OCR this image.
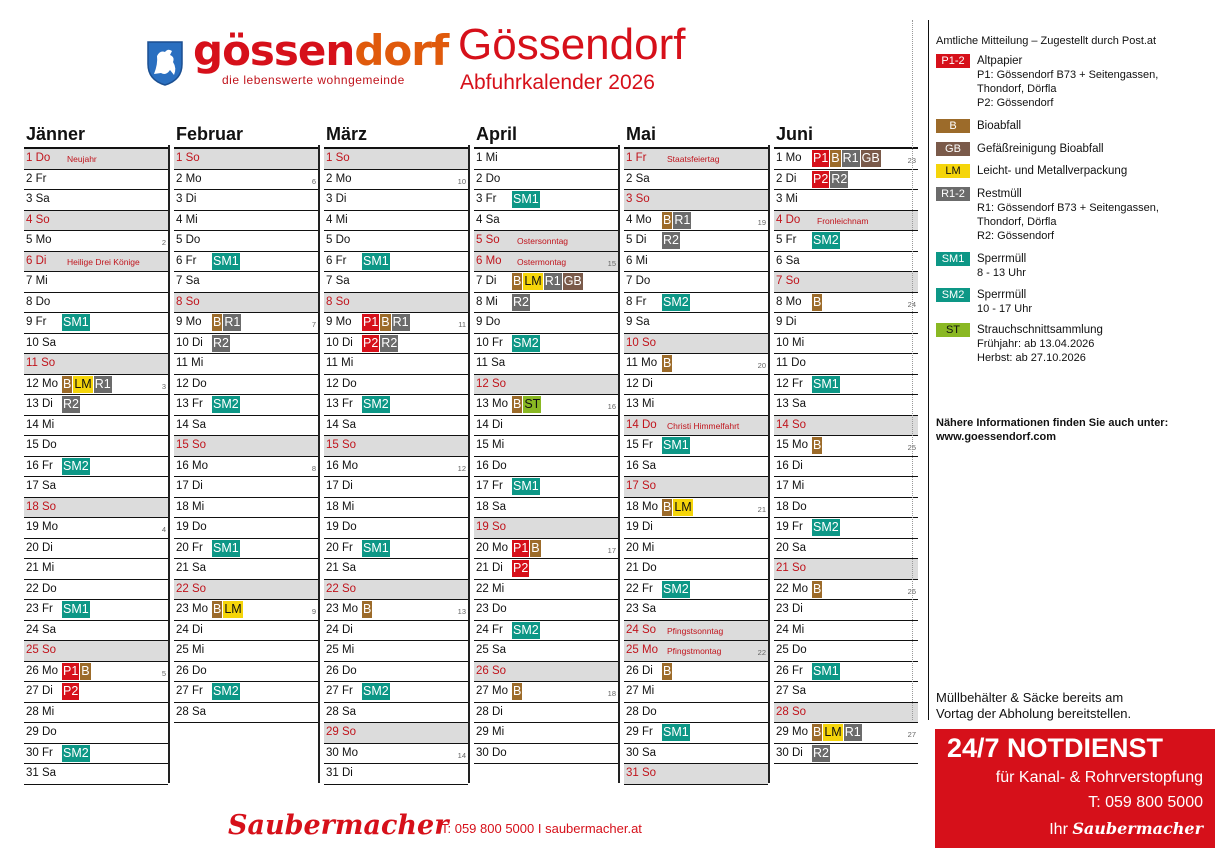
gössendorf
die lebenswerte wohngemeinde
Gössendorf
Abfuhrkalender 2026
Jänner
1 Do Neujahr
2 Fr
3 Sa
4 So
5 Mo	2
6 Di Heilige Drei Könige
7 Mi
8 Do
9 Fr SM1
10 Sa
11 So
12 Mo B LM R1	3
13 Di R2
14 Mi
15 Do
16 Fr SM2
17 Sa
18 So
19 Mo	4
20 Di
21 Mi
22 Do
23 Fr SM1
24 Sa
25 So
26 Mo P1 B	5
27 Di P2
28 Mi
29 Do
30 Fr SM2
31 Sa
Februar
1 So
2 Mo	6
3 Di
4 Mi
5 Do
6 Fr SM1
7 Sa
8 So
9 Mo B R1	7
10 Di R2
11 Mi
12 Do
13 Fr SM2
14 Sa
15 So
16 Mo	8
17 Di
18 Mi
19 Do
20 Fr SM1
21 Sa
22 So
23 Mo B LM	9
24 Di
25 Mi
26 Do
27 Fr SM2
28 Sa
März
1 So
2 Mo	10
3 Di
4 Mi
5 Do
6 Fr SM1
7 Sa
8 So
9 Mo P1 B R1	11
10 Di P2 R2
11 Mi
12 Do
13 Fr SM2
14 Sa
15 So
16 Mo	12
17 Di
18 Mi
19 Do
20 Fr SM1
21 Sa
22 So
23 Mo B	13
24 Di
25 Mi
26 Do
27 Fr SM2
28 Sa
29 So
30 Mo	14
31 Di
April
1 Mi
2 Do
3 Fr SM1
4 Sa
5 So Ostersonntag
6 Mo Ostermontag	15
7 Di B LM R1 GB
8 Mi R2
9 Do
10 Fr SM2
11 Sa
12 So
13 Mo B ST	16
14 Di
15 Mi
16 Do
17 Fr SM1
18 Sa
19 So
20 Mo P1 B	17
21 Di P2
22 Mi
23 Do
24 Fr SM2
25 Sa
26 So
27 Mo B	18
28 Di
29 Mi
30 Do
Mai
1 Fr Staatsfeiertag
2 Sa
3 So
4 Mo B R1	19
5 Di R2
6 Mi
7 Do
8 Fr SM2
9 Sa
10 So
11 Mo B	20
12 Di
13 Mi
14 Do Christi Himmelfahrt
15 Fr SM1
16 Sa
17 So
18 Mo B LM	21
19 Di
20 Mi
21 Do
22 Fr SM2
23 Sa
24 So Pfingstsonntag
25 Mo Pfingstmontag	22
26 Di B
27 Mi
28 Do
29 Fr SM1
30 Sa
31 So
Juni
1 Mo P1 B R1 GB	23
2 Di P2 R2
3 Mi
4 Do Fronleichnam
5 Fr SM2
6 Sa
7 So
8 Mo B	24
9 Di
10 Mi
11 Do
12 Fr SM1
13 Sa
14 So
15 Mo B	25
16 Di
17 Mi
18 Do
19 Fr SM2
20 Sa
21 So
22 Mo B	26
23 Di
24 Mi
25 Do
26 Fr SM1
27 Sa
28 So
29 Mo B LM R1	27
30 Di R2
Amtliche Mitteilung – Zugestellt durch Post.at
P1-2	Altpapier
P1: Gössendorf B73 + Seitengassen,
Thondorf, Dörfla
P2: Gössendorf
B	Bioabfall
GB	Gefäßreinigung Bioabfall
LM	Leicht- und Metallverpackung
R1-2	Restmüll
R1: Gössendorf B73 + Seitengassen,
Thondorf, Dörfla
R2: Gössendorf
SM1	Sperrmüll
8 - 13 Uhr
SM2	Sperrmüll
10 - 17 Uhr
ST	Strauchschnittsammlung
Frühjahr: ab 13.04.2026
Herbst: ab 27.10.2026
Nähere Informationen finden Sie auch unter:
www.goessendorf.com
Müllbehälter & Säcke bereits am
Vortag der Abholung bereitstellen.
24/7 NOTDIENST
für Kanal- & Rohrverstopfung
T: 059 800 5000
Ihr Saubermacher
Saubermacher
T: 059 800 5000 I saubermacher.at
